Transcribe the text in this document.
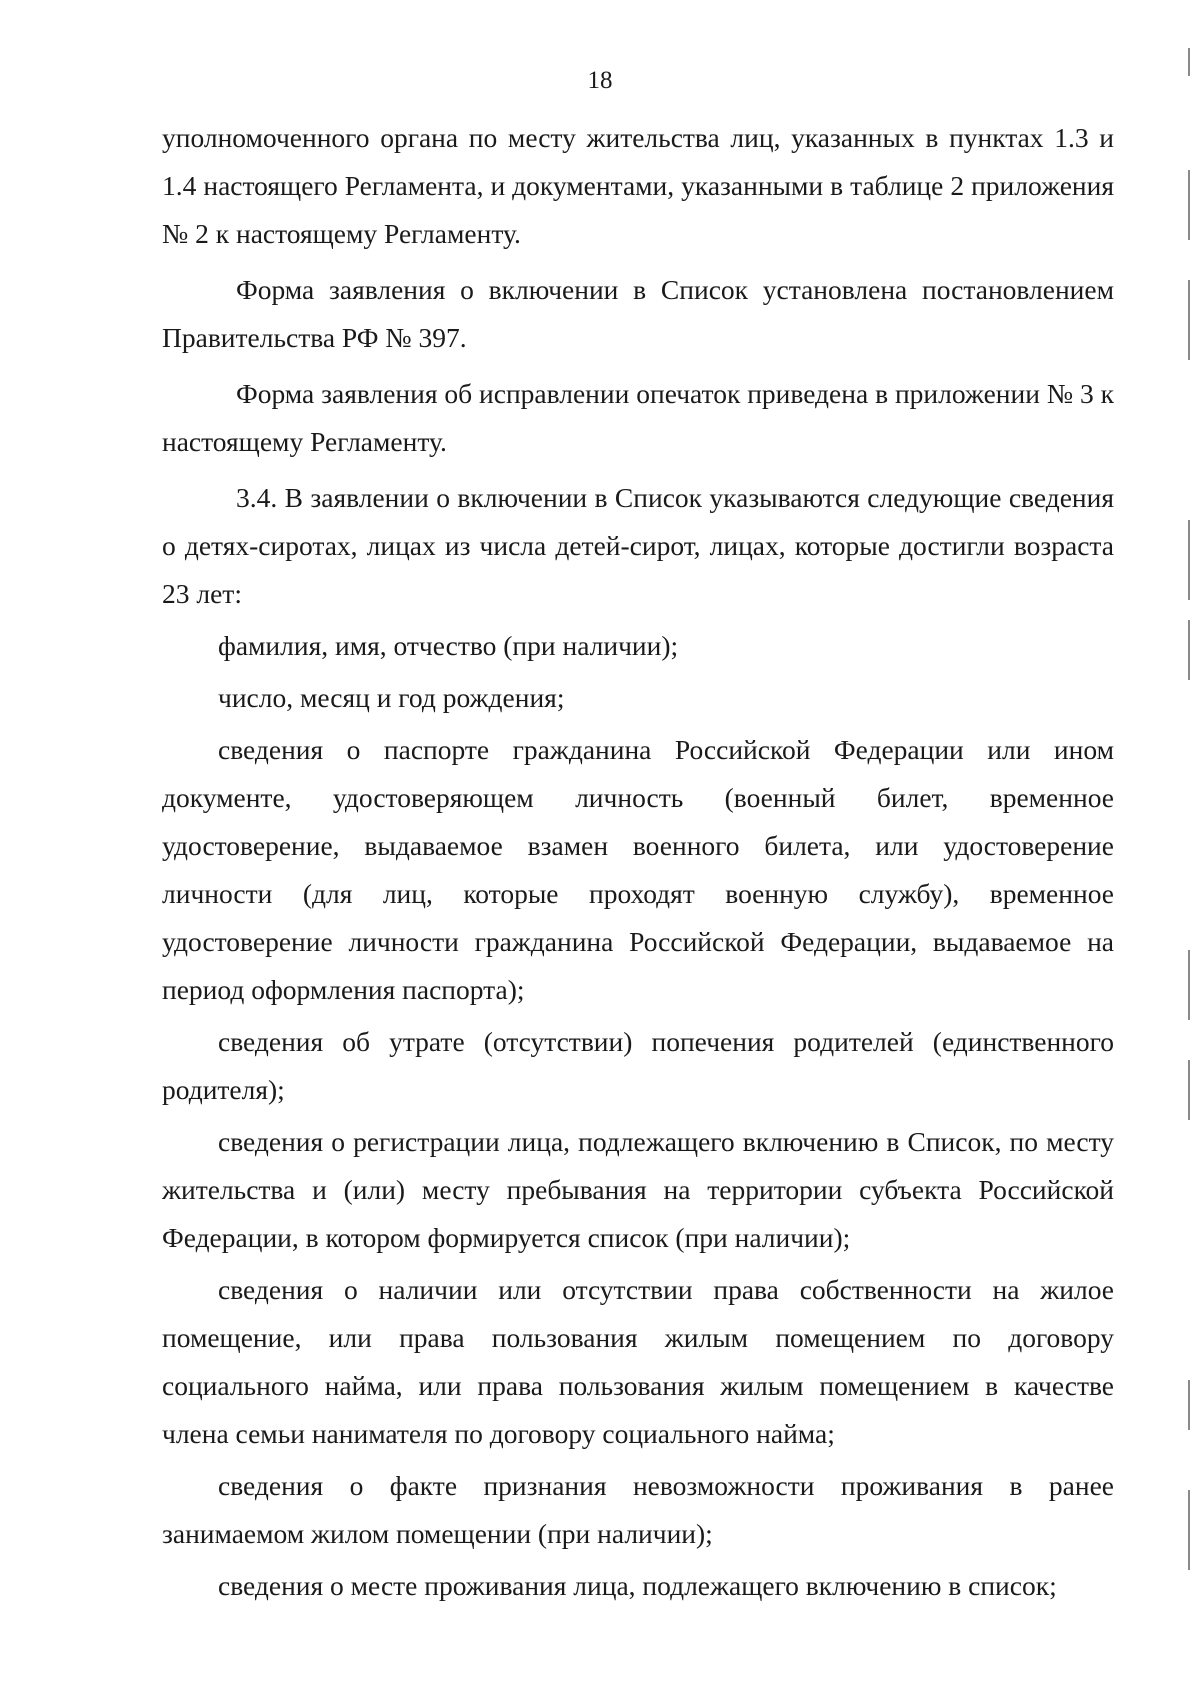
18

уполномоченного органа по месту жительства лиц, указанных в пунктах 1.3 и 1.4 настоящего Регламента, и документами, указанными в таблице 2 приложения № 2 к настоящему Регламенту.

Форма заявления о включении в Список установлена постановлением Правительства РФ № 397.

Форма заявления об исправлении опечаток приведена в приложении № 3 к настоящему Регламенту.

3.4. В заявлении о включении в Список указываются следующие сведения о детях-сиротах, лицах из числа детей-сирот, лицах, которые достигли возраста 23 лет:

фамилия, имя, отчество (при наличии);

число, месяц и год рождения;

сведения о паспорте гражданина Российской Федерации или ином документе, удостоверяющем личность (военный билет, временное удостоверение, выдаваемое взамен военного билета, или удостоверение личности (для лиц, которые проходят военную службу), временное удостоверение личности гражданина Российской Федерации, выдаваемое на период оформления паспорта);

сведения об утрате (отсутствии) попечения родителей (единственного родителя);

сведения о регистрации лица, подлежащего включению в Список, по месту жительства и (или) месту пребывания на территории субъекта Российской Федерации, в котором формируется список (при наличии);

сведения о наличии или отсутствии права собственности на жилое помещение, или права пользования жилым помещением по договору социального найма, или права пользования жилым помещением в качестве члена семьи нанимателя по договору социального найма;

сведения о факте признания невозможности проживания в ранее занимаемом жилом помещении (при наличии);

сведения о месте проживания лица, подлежащего включению в список;
